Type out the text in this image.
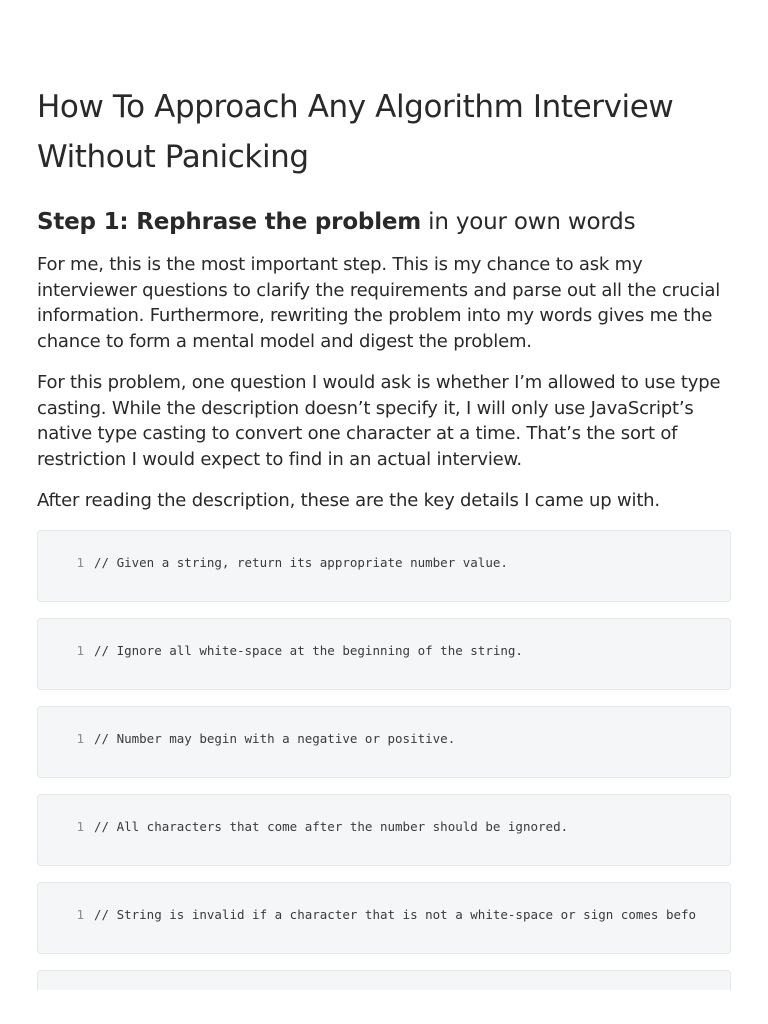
How To Approach Any Algorithm Interview Without Panicking
Step 1: Rephrase the problem in your own words

For me, this is the most important step. This is my chance to ask my interviewer questions to clarify the requirements and parse out all the crucial information. Furthermore, rewriting the problem into my words gives me the chance to form a mental model and digest the problem.

For this problem, one question I would ask is whether I’m allowed to use type casting. While the description doesn’t specify it, I will only use JavaScript’s native type casting to convert one character at a time. That’s the sort of restriction I would expect to find in an actual interview.

After reading the description, these are the key details I came up with.

1 // Given a string, return its appropriate number value.
1 // Ignore all white-space at the beginning of the string.
1 // Number may begin with a negative or positive.
1 // All characters that come after the number should be ignored.
1 // String is invalid if a character that is not a white-space or sign comes befo
